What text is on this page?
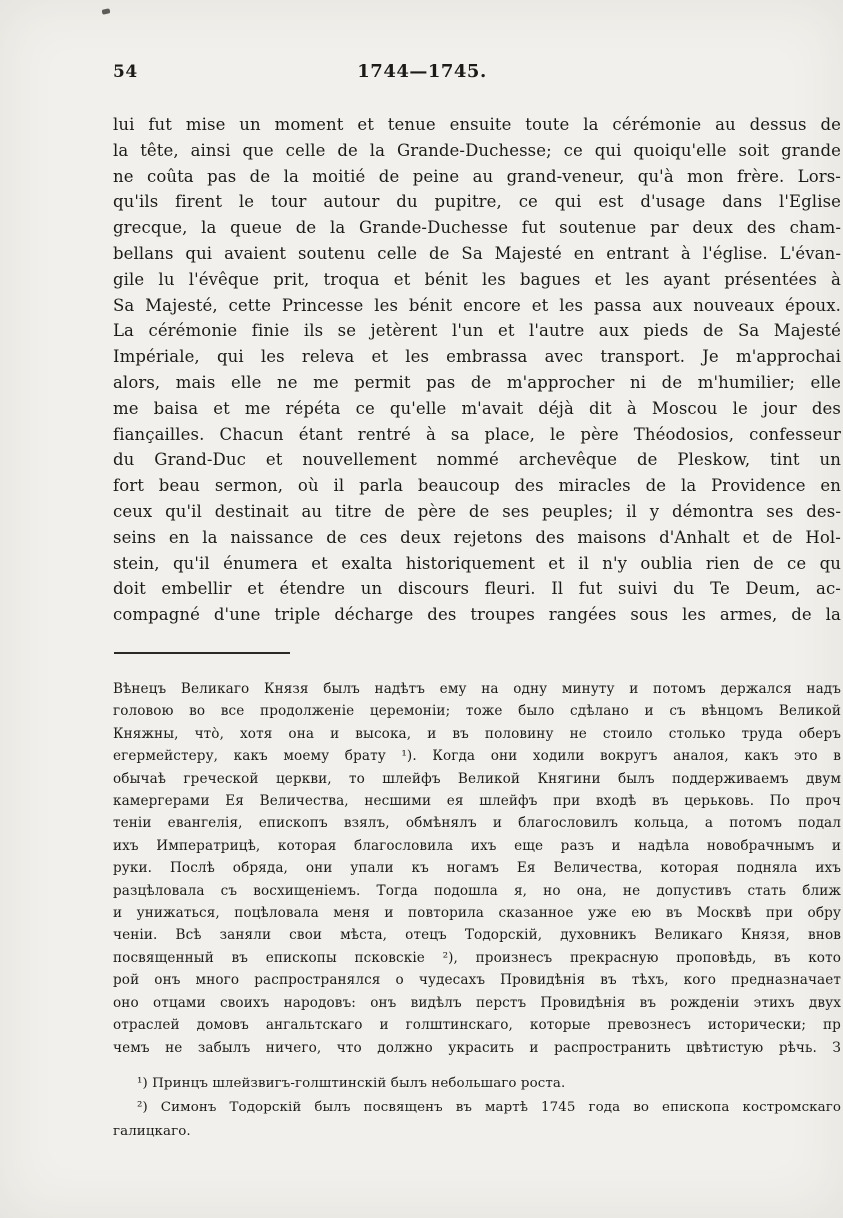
54	1744—1745.
lui fut mise un moment et tenue ensuite toute la cérémonie au dessus de
la tête, ainsi que celle de la Grande-Duchesse; ce qui quoiqu'elle soit grande
ne coûta pas de la moitié de peine au grand-veneur, qu'à mon frère. Lors-
qu'ils firent le tour autour du pupitre, ce qui est d'usage dans l'Eglise
grecque, la queue de la Grande-Duchesse fut soutenue par deux des cham-
bellans qui avaient soutenu celle de Sa Majesté en entrant à l'église. L'évan-
gile lu l'évêque prit, troqua et bénit les bagues et les ayant présentées à
Sa Majesté, cette Princesse les bénit encore et les passa aux nouveaux époux.
La cérémonie finie ils se jetèrent l'un et l'autre aux pieds de Sa Majesté
Impériale, qui les releva et les embrassa avec transport. Je m'approchai
alors, mais elle ne me permit pas de m'approcher ni de m'humilier; elle
me baisa et me répéta ce qu'elle m'avait déjà dit à Moscou le jour des
fiançailles. Chacun étant rentré à sa place, le père Théodosios, confesseur
du Grand-Duc et nouvellement nommé archevêque de Pleskow, tint un
fort beau sermon, où il parla beaucoup des miracles de la Providence en
ceux qu'il destinait au titre de père de ses peuples; il y démontra ses des-
seins en la naissance de ces deux rejetons des maisons d'Anhalt et de Hol-
stein, qu'il énumera et exalta historiquement et il n'y oublia rien de ce qu
doit embellir et étendre un discours fleuri. Il fut suivi du Te Deum, ac-
compagné d'une triple décharge des troupes rangées sous les armes, de la
Вѣнецъ Великаго Князя былъ надѣтъ ему на одну минуту и потомъ держался надъ
головою во все продолженіе церемоніи; тоже было сдѣлано и съ вѣнцомъ Великой
Княжны, что̀, хотя она и высока, и въ половину не стоило столько труда оберъ
егермейстеру, какъ моему брату ¹). Когда они ходили вокругъ аналоя, какъ это в
обычаѣ греческой церкви, то шлейфъ Великой Княгини былъ поддерживаемъ двум
камергерами Ея Величества, несшими ея шлейфъ при входѣ въ церьковь. По проч
теніи евангелія, епископъ взялъ, обмѣнялъ и благословилъ кольца, а потомъ подал
ихъ Императрицѣ, которая благословила ихъ еще разъ и надѣла новобрачнымъ и
руки. Послѣ обряда, они упали къ ногамъ Ея Величества, которая подняла ихъ
разцѣловала съ восхищеніемъ. Тогда подошла я, но она, не допустивъ стать ближ
и унижаться, поцѣловала меня и повторила сказанное уже ею въ Москвѣ при обру
ченіи. Всѣ заняли свои мѣста, отецъ Тодорскій, духовникъ Великаго Князя, внов
посвященный въ епископы псковскіе ²), произнесъ прекрасную проповѣдь, въ кото
рой онъ много распространялся о чудесахъ Провидѣнія въ тѣхъ, кого предназначает
оно отцами своихъ народовъ: онъ видѣлъ перстъ Провидѣнія въ рожденіи этихъ двух
отраслей домовъ ангальтскаго и голштинскаго, которые превознесъ исторически; пр
чемъ не забылъ ничего, что должно украсить и распространить цвѣтистую рѣчь. З
¹) Принцъ шлейзвигъ-голштинскій былъ небольшаго роста.
²) Симонъ Тодорскій былъ посвященъ въ мартѣ 1745 года во епископа костромскаго
галицкаго.
